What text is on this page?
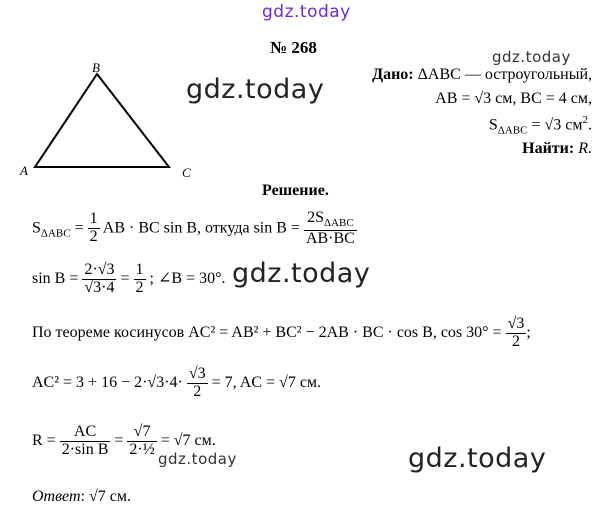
gdz.today
gdz.today
gdz.today
gdz.today
gdz.today
№ 268
B
A	C
Дано: ΔABC — остроугольный,
AB = √3 см, BC = 4 см,
$S_{\Delta ABC} = √3$ $см^2$.
Найти: R.
Решение.
$S_{\Delta ABC} = \frac{1}{2}$ AB · BC sin B, откуда $\sin B = \frac{2S_{\Delta ABC}}{AB\cdot BC}$
$\sin B = \frac{2\cdot√3}{√3\cdot 4} = \frac{1}{2}$ ; ∠B = 30°.
По теореме косинусов AC² = AB² + BC² − 2AB · BC · cos B, $\cos 30^\circ = \frac{√3}{2}$ ;
$AC^2 = 3 + 16 - 2\cdot√3\cdot 4\cdot \frac{√3}{2} = 7$, AC = √7 см.
$R = \frac{AC}{\text{2·sin B}} = \frac{√7}{\text{2·½}} = √7$ см.
gdz.today
Ответ: √7 см.
